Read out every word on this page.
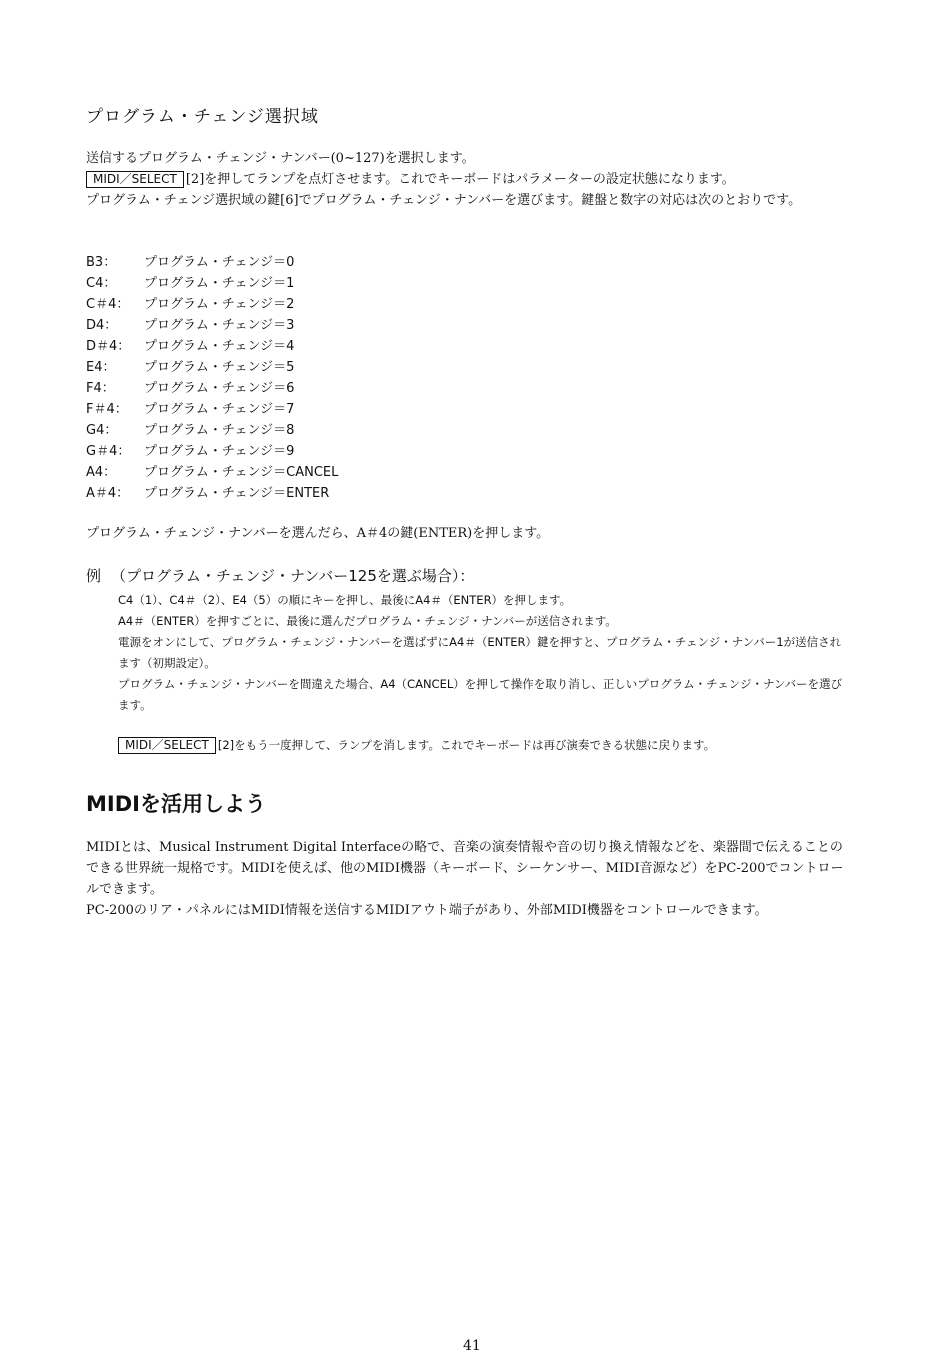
プログラム・チェンジ選択域

送信するプログラム・チェンジ・ナンバー(0~127)を選択します。

MIDI／SELECT [2]を押してランプを点灯させます。これでキーボードはパラメーターの設定状態になります。

プログラム・チェンジ選択域の鍵[6]でプログラム・チェンジ・ナンバーを選びます。鍵盤と数字の対応は次のとおりです。

B3：	プログラム・チェンジ＝0
C4：	プログラム・チェンジ＝1
C＃4：	プログラム・チェンジ＝2
D4：	プログラム・チェンジ＝3
D＃4：	プログラム・チェンジ＝4
E4：	プログラム・チェンジ＝5
F4：	プログラム・チェンジ＝6
F＃4：	プログラム・チェンジ＝7
G4：	プログラム・チェンジ＝8
G＃4：	プログラム・チェンジ＝9
A4：	プログラム・チェンジ＝CANCEL
A＃4：	プログラム・チェンジ＝ENTER

プログラム・チェンジ・ナンバーを選んだら、A＃4の鍵(ENTER)を押します。

例 （プログラム・チェンジ・ナンバー125を選ぶ場合）：

C4（1）、C4＃（2）、E4（5）の順にキーを押し、最後にA4＃（ENTER）を押します。

A4＃（ENTER）を押すごとに、最後に選んだプログラム・チェンジ・ナンバーが送信されます。

電源をオンにして、プログラム・チェンジ・ナンバーを選ばずにA4＃（ENTER）鍵を押すと、プログラム・チェンジ・ナンバー1が送信されます（初期設定）。

プログラム・チェンジ・ナンバーを間違えた場合、A4（CANCEL）を押して操作を取り消し、正しいプログラム・チェンジ・ナンバーを選びます。

MIDI／SELECT [2]をもう一度押して、ランプを消します。これでキーボードは再び演奏できる状態に戻ります。

MIDIを活用しよう

MIDIとは、Musical Instrument Digital Interfaceの略で、音楽の演奏情報や音の切り換え情報などを、楽器間で伝えることのできる世界統一規格です。MIDIを使えば、他のMIDI機器（キーボード、シーケンサー、MIDI音源など）をPC-200でコントロールできます。

PC-200のリア・パネルにはMIDI情報を送信するMIDIアウト端子があり、外部MIDI機器をコントロールできます。

41
